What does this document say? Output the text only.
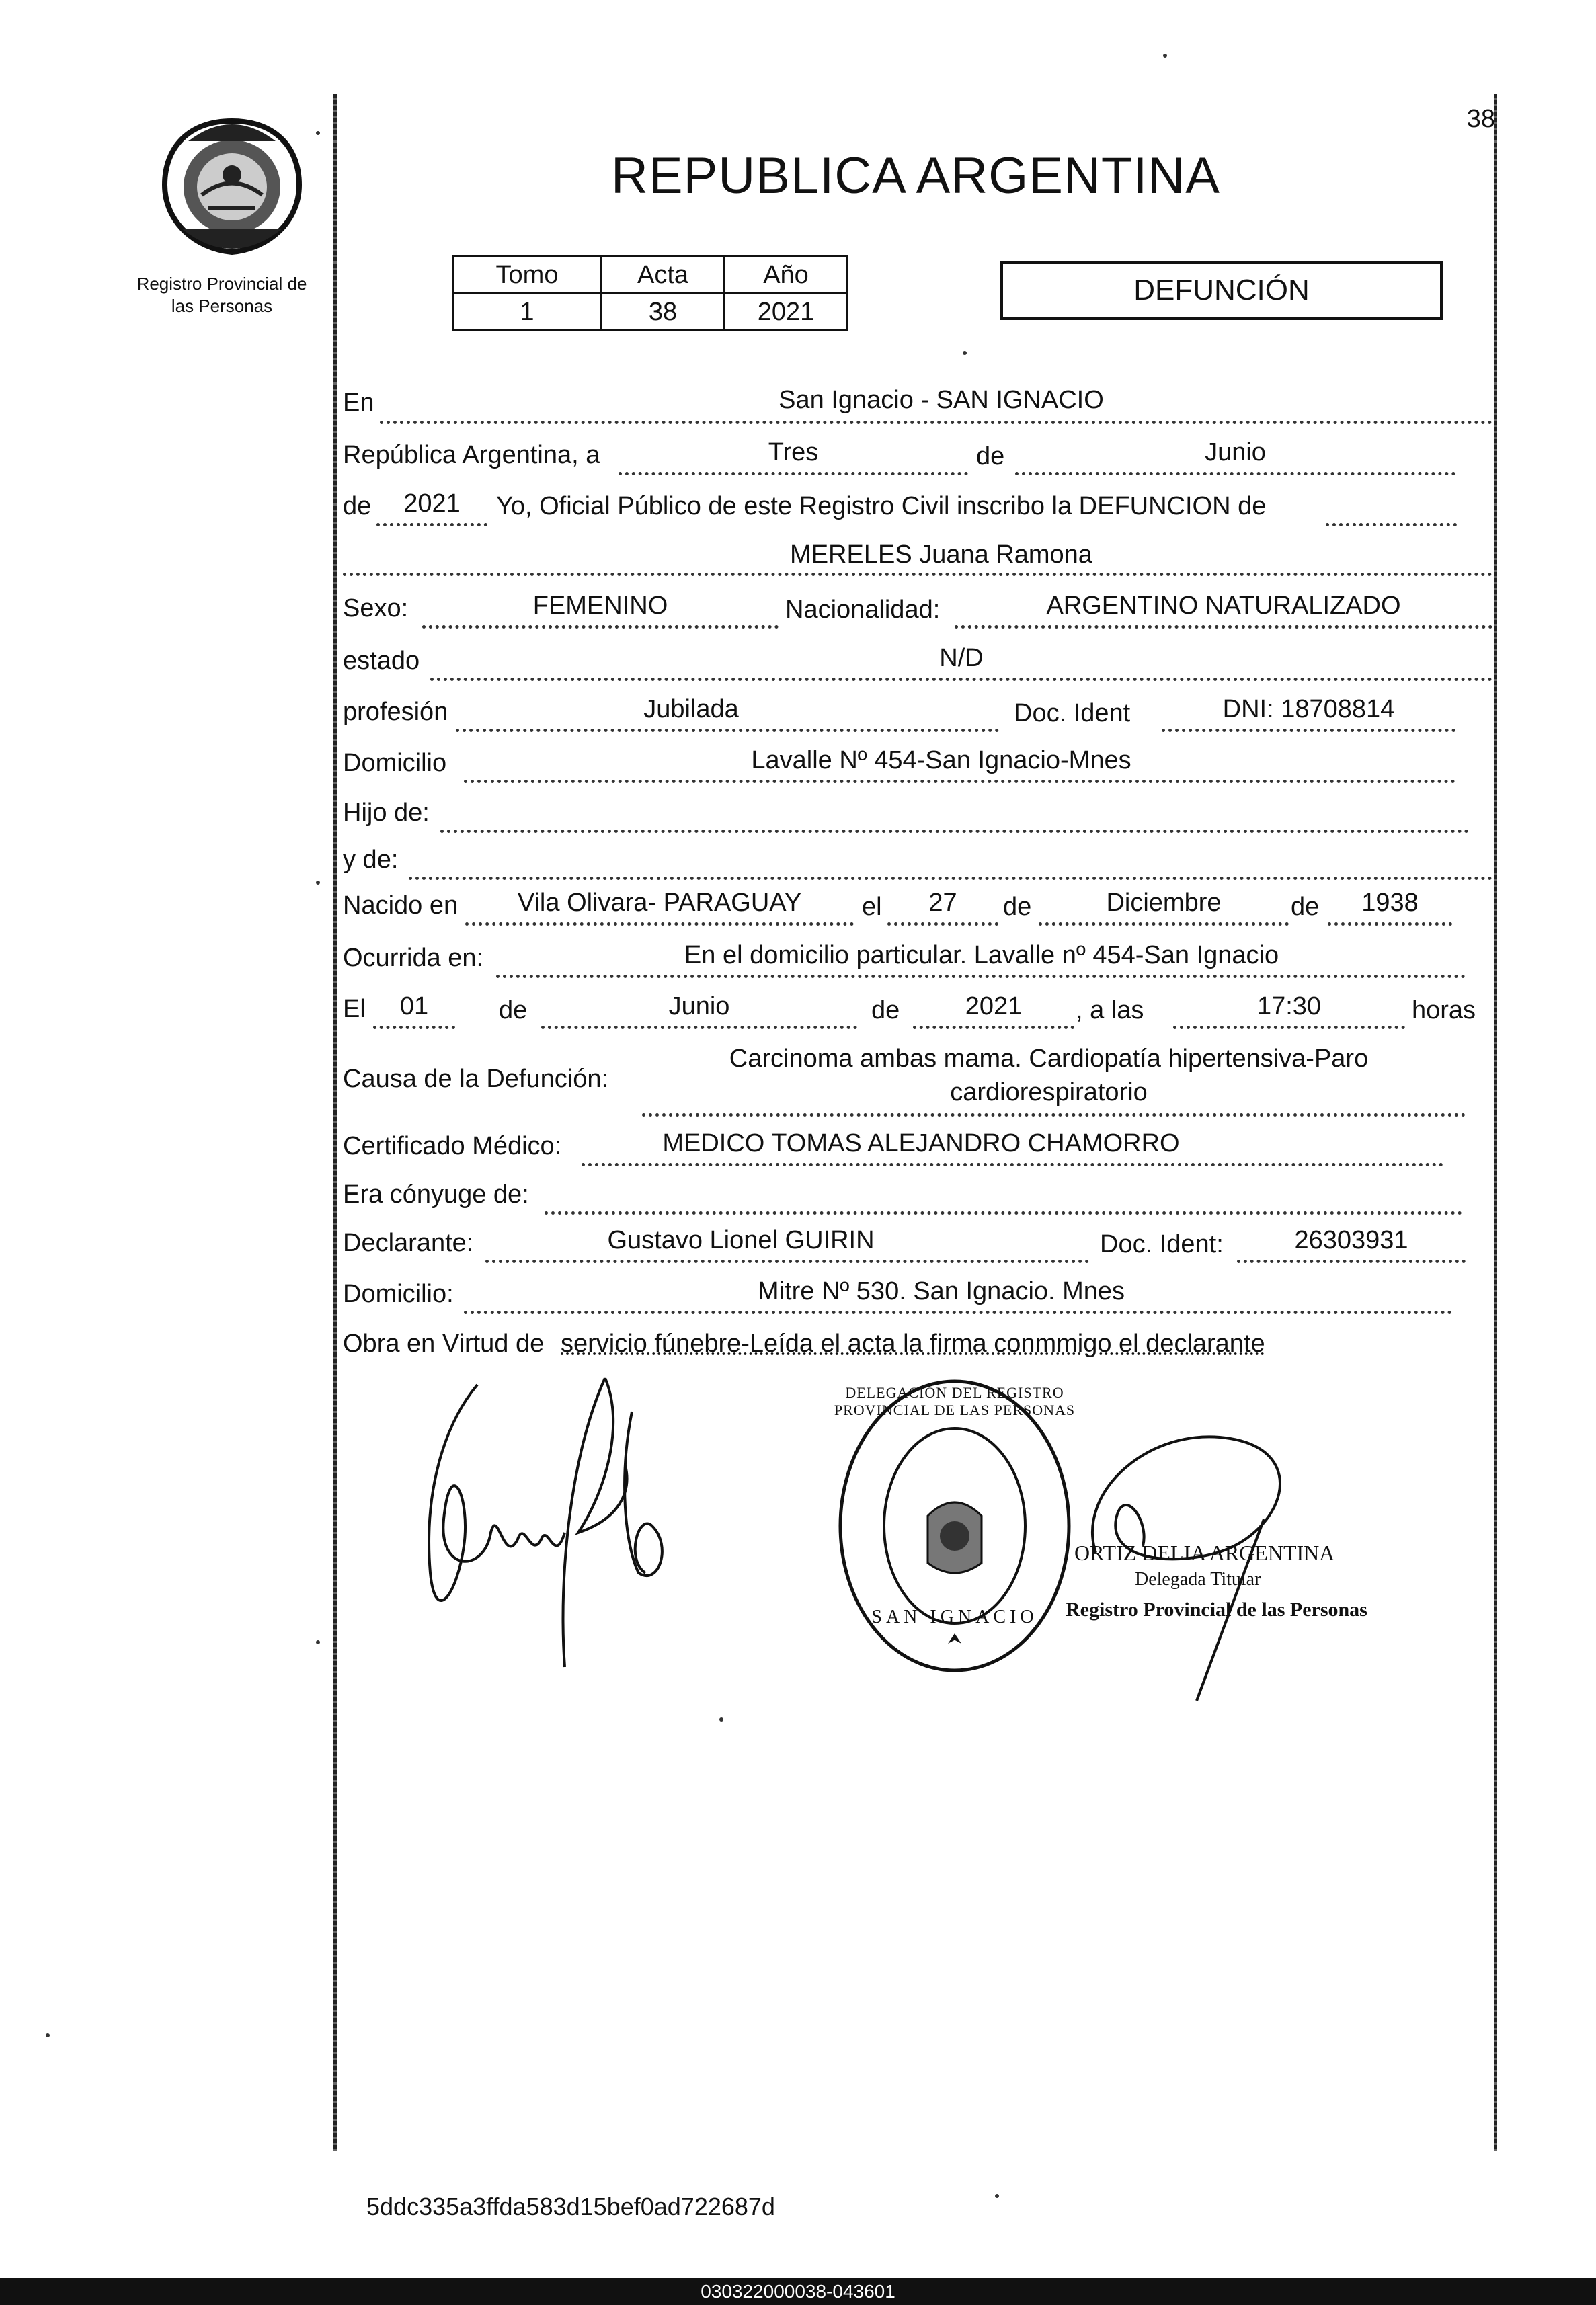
38
Registro Provincial de
las Personas
REPUBLICA ARGENTINA
Tomo	Acta	Año
1	38	2021
DEFUNCIÓN
En	San Ignacio - SAN IGNACIO
República Argentina, a	Tres	de	Junio
de	2021	Yo, Oficial Público de este Registro Civil inscribo la DEFUNCION de
MERELES Juana Ramona
Sexo:	FEMENINO	Nacionalidad:	ARGENTINO NATURALIZADO
estado	N/D
profesión	Jubilada	Doc. Ident	DNI: 18708814
Domicilio	Lavalle Nº 454-San Ignacio-Mnes
Hijo de:
y de:
Nacido en	Vila Olivara- PARAGUAY	el	27	de	Diciembre	de	1938
Ocurrida en:	En el domicilio particular. Lavalle nº 454-San Ignacio
El	01	de	Junio	de	2021	, a las	17:30	horas
Causa de la Defunción:
Carcinoma ambas mama. Cardiopatía hipertensiva-Paro
cardiorespiratorio
Certificado Médico:	MEDICO TOMAS ALEJANDRO CHAMORRO
Era cónyuge de:
Declarante:	Gustavo Lionel GUIRIN	Doc. Ident:	26303931
Domicilio:	Mitre Nº 530. San Ignacio. Mnes
Obra en Virtud de servicio fúnebre-Leída el acta la firma conmmigo el declarante
DELEGACION DEL REGISTRO PROVINCIAL DE LAS PERSONAS
SAN IGNACIO
ORTIZ DELIA ARGENTINA
Delegada Titular
Registro Provincial de las Personas
5ddc335a3ffda583d15bef0ad722687d
030322000038-043601
